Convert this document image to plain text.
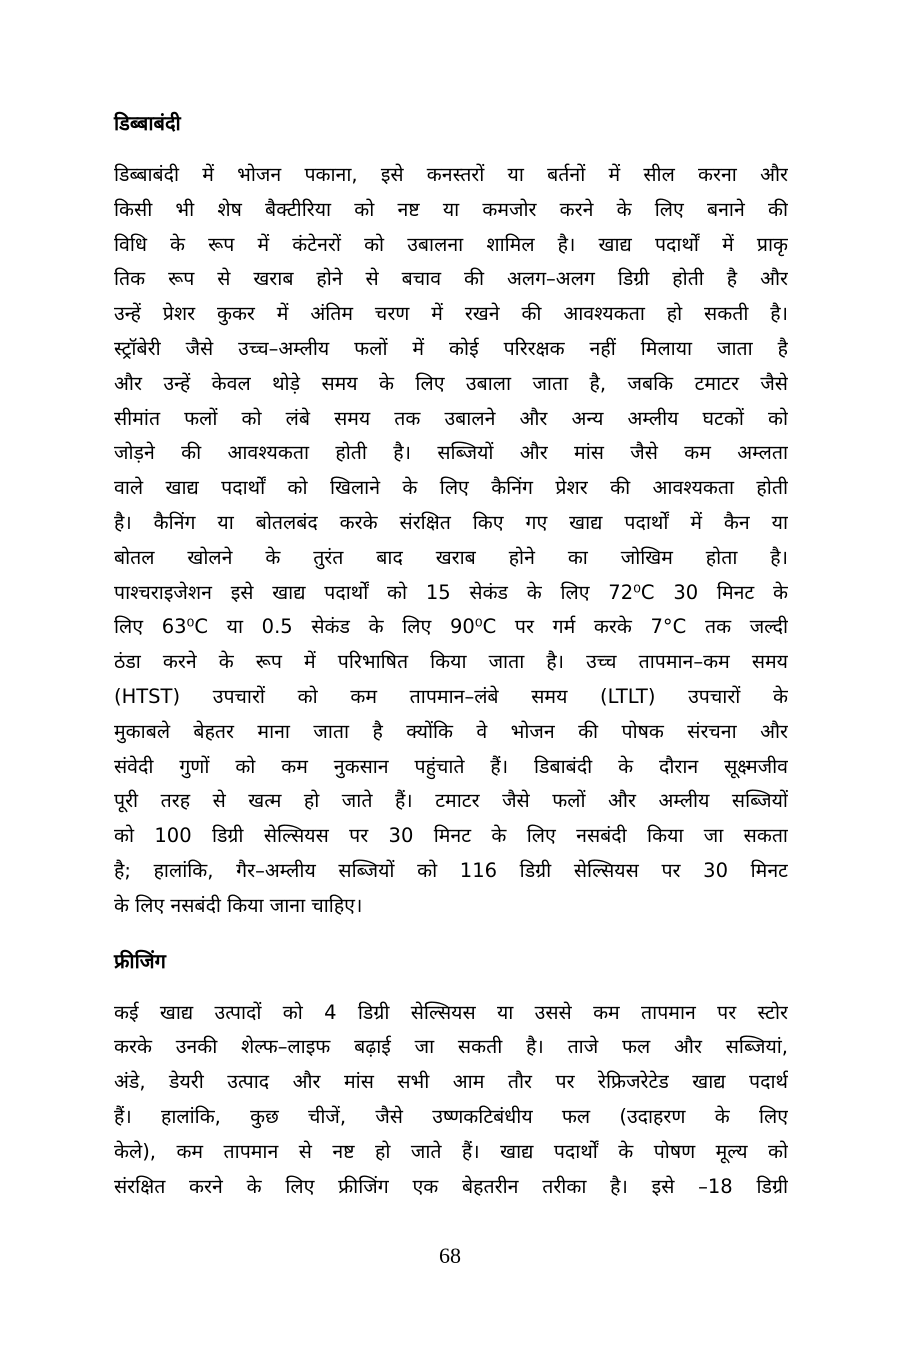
डिब्बाबंदी
डिब्बाबंदी में भोजन पकाना, इसे कनस्तरों या बर्तनों में सील करना और
किसी भी शेष बैक्टीरिया को नष्ट या कमजोर करने के लिए बनाने की
विधि के रूप में कंटेनरों को उबालना शामिल है। खाद्य पदार्थों में प्राकृ
तिक रूप से खराब होने से बचाव की अलग–अलग डिग्री होती है और
उन्हें प्रेशर कुकर में अंतिम चरण में रखने की आवश्यकता हो सकती है।
स्ट्रॉबेरी जैसे उच्च–अम्लीय फलों में कोई परिरक्षक नहीं मिलाया जाता है
और उन्हें केवल थोड़े समय के लिए उबाला जाता है, जबकि टमाटर जैसे
सीमांत फलों को लंबे समय तक उबालने और अन्य अम्लीय घटकों को
जोड़ने की आवश्यकता होती है। सब्जियों और मांस जैसे कम अम्लता
वाले खाद्य पदार्थों को खिलाने के लिए कैनिंग प्रेशर की आवश्यकता होती
है। कैनिंग या बोतलबंद करके संरक्षित किए गए खाद्य पदार्थों में कैन या
बोतल खोलने के तुरंत बाद खराब होने का जोखिम होता है।
पाश्चराइजेशन इसे खाद्य पदार्थों को 15 सेकंड के लिए 72⁰C 30 मिनट के
लिए 63⁰C या 0.5 सेकंड के लिए 90⁰C पर गर्म करके 7°C तक जल्दी
ठंडा करने के रूप में परिभाषित किया जाता है। उच्च तापमान–कम समय
(HTST) उपचारों को कम तापमान–लंबे समय (LTLT) उपचारों के
मुकाबले बेहतर माना जाता है क्योंकि वे भोजन की पोषक संरचना और
संवेदी गुणों को कम नुकसान पहुंचाते हैं। डिबाबंदी के दौरान सूक्ष्मजीव
पूरी तरह से खत्म हो जाते हैं। टमाटर जैसे फलों और अम्लीय सब्जियों
को 100 डिग्री सेल्सियस पर 30 मिनट के लिए नसबंदी किया जा सकता
है; हालांकि, गैर–अम्लीय सब्जियों को 116 डिग्री सेल्सियस पर 30 मिनट
के लिए नसबंदी किया जाना चाहिए।
फ्रीजिंग
कई खाद्य उत्पादों को 4 डिग्री सेल्सियस या उससे कम तापमान पर स्टोर
करके उनकी शेल्फ–लाइफ बढ़ाई जा सकती है। ताजे फल और सब्जियां,
अंडे, डेयरी उत्पाद और मांस सभी आम तौर पर रेफ्रिजरेटेड खाद्य पदार्थ
हैं। हालांकि, कुछ चीजें, जैसे उष्णकटिबंधीय फल (उदाहरण के लिए
केले), कम तापमान से नष्ट हो जाते हैं। खाद्य पदार्थों के पोषण मूल्य को
संरक्षित करने के लिए फ्रीजिंग एक बेहतरीन तरीका है। इसे –18 डिग्री
68
